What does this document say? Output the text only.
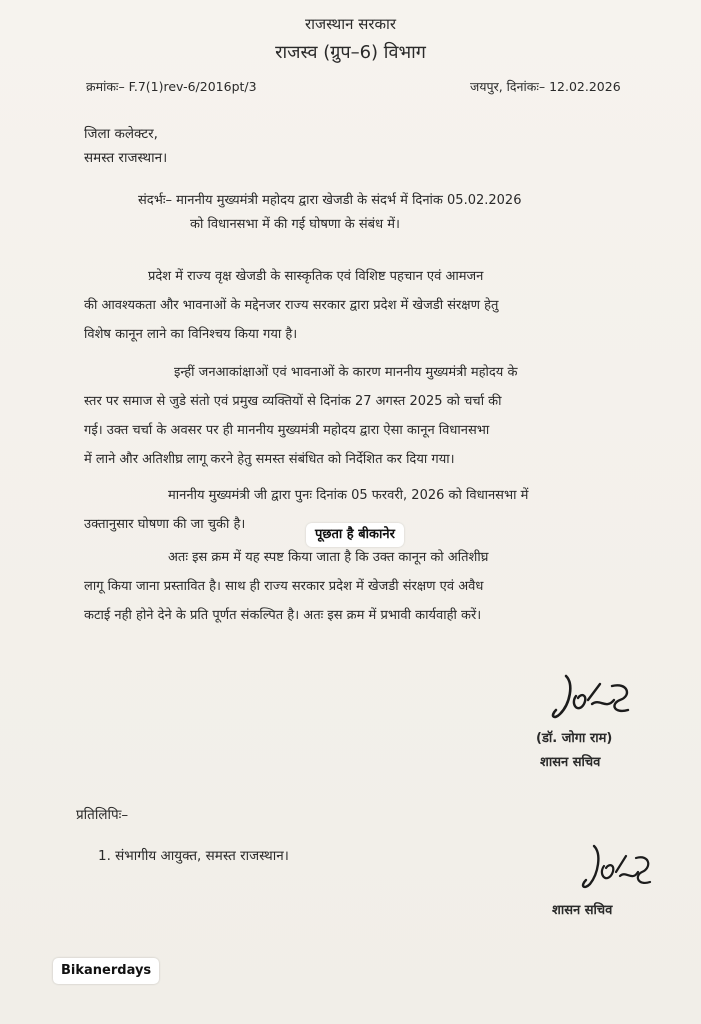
राजस्थान सरकार
राजस्व (ग्रुप–6) विभाग
क्रमांकः– F.7(1)rev-6/2016pt/3	जयपुर, दिनांकः– 12.02.2026
जिला कलेक्टर,
समस्त राजस्थान।
संदर्भः– माननीय मुख्यमंत्री महोदय द्वारा खेजडी के संदर्भ में दिनांक 05.02.2026
को विधानसभा में की गई घोषणा के संबंध में।
प्रदेश में राज्य वृक्ष खेजडी के सास्कृतिक एवं विशिष्ट पहचान एवं आमजन
की आवश्यकता और भावनाओं के मद्देनजर राज्य सरकार द्वारा प्रदेश में खेजडी संरक्षण हेतु
विशेष कानून लाने का विनिश्चय किया गया है।
इन्हीं जनआकांक्षाओं एवं भावनाओं के कारण माननीय मुख्यमंत्री महोदय के
स्तर पर समाज से जुडे संतो एवं प्रमुख व्यक्तियों से दिनांक 27 अगस्त 2025 को चर्चा की
गई। उक्त चर्चा के अवसर पर ही माननीय मुख्यमंत्री महोदय द्वारा ऐसा कानून विधानसभा
में लाने और अतिशीघ्र लागू करने हेतु समस्त संबंधित को निर्देशित कर दिया गया।
माननीय मुख्यमंत्री जी द्वारा पुनः दिनांक 05 फरवरी, 2026 को विधानसभा में
उक्तानुसार घोषणा की जा चुकी है।
पूछता है बीकानेर
अतः इस क्रम में यह स्पष्ट किया जाता है कि उक्त कानून को अतिशीघ्र
लागू किया जाना प्रस्तावित है। साथ ही राज्य सरकार प्रदेश में खेजडी संरक्षण एवं अवैध
कटाई नही होने देने के प्रति पूर्णत संकल्पित है। अतः इस क्रम में प्रभावी कार्यवाही करें।
(डॉ. जोगा राम)
शासन सचिव
प्रतिलिपिः–
1. संभागीय आयुक्त, समस्त राजस्थान।
शासन सचिव
Bikanerdays
